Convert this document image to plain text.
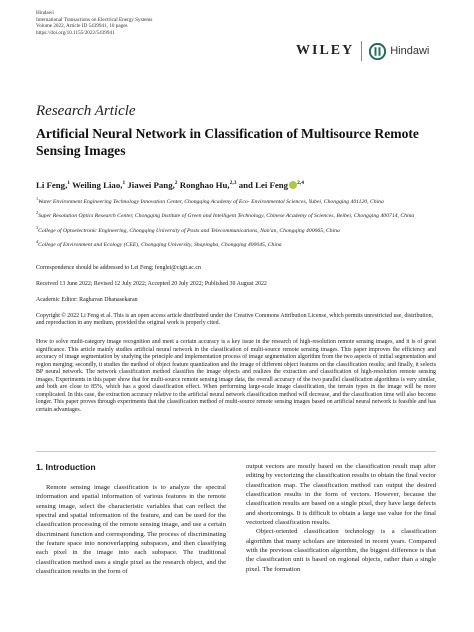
Hindawi
International Transactions on Electrical Energy Systems
Volume 2022, Article ID 5439941, 10 pages
https://doi.org/10.1155/2022/5439941
WILEY	Hindawi
Research Article
Artificial Neural Network in Classification of Multisource Remote Sensing Images
Li Feng,$^1$ Weiling Liao,$^1$ Jiawei Pang,$^2$ Ronghao Hu,$^{2,3}$ and Lei Feng $^{2,4}$
$^1$Water Environment Engineering Technology Innovation Center, Chongqing Academy of Eco- Environmental Sciences, Yubei, Chongqing 401120, China
$^2$Super Resolution Optics Research Center, Chongqing Institute of Green and Intelligent Technology, Chinese Academy of Sciences, Beibei, Chongqing 400714, China
$^3$College of Optoelectronic Engineering, Chongqing University of Posts and Telecommunications, Nan'an, Chongqing 400065, China
$^4$College of Environment and Ecology (CEE), Chongqing University, Shapingba, Chongqing 400045, China
Correspondence should be addressed to Lei Feng; fenglei@cigit.ac.cn
Received 13 June 2022; Revised 12 July 2022; Accepted 20 July 2022; Published 30 August 2022
Academic Editor: Raghavan Dhanasekaran
Copyright © 2022 Li Feng et al. This is an open access article distributed under the Creative Commons Attribution License, which permits unrestricted use, distribution, and reproduction in any medium, provided the original work is properly cited.
How to solve multi-category image recognition and meet a certain accuracy is a key issue in the research of high-resolution remote sensing images, and it is of great significance. This article mainly studies artificial neural network in the classification of multi-source remote sensing images. This paper improves the efficiency and accuracy of image segmentation by studying the principle and implementation process of image segmentation algorithm from the two aspects of initial segmentation and region merging; secondly, it studies the method of object feature quantization and the image of different object features on the classification results; and finally, it selects BP neural network. The network classification method classifies the image objects and realizes the extraction and classification of high-resolution remote sensing images. Experiments in this paper show that for multi-source remote sensing image data, the overall accuracy of the two parallel classification algorithms is very similar, and both are close to 85%, which has a good classification effect. When performing large-scale image classification, the terrain types in the image will be more complicated. In this case, the extraction accuracy relative to the artificial neural network classification method will decrease, and the classification time will also become longer. This paper proves through experiments that the classification method of multi-source remote sensing images based on artificial neural network is feasible and has certain advantages.
1. Introduction

Remote sensing image classification is to analyze the spectral information and spatial information of various features in the remote sensing image, select the characteristic variables that can reflect the spectral and spatial information of the feature, and can be used for the classification processing of the remote sensing image, and use a certain discriminant function and corresponding. The process of discriminating the feature space into nonoverlapping subspaces, and then classifying each pixel in the image into each subspace. The traditional classification method uses a single pixel as the research object, and the classification results in the form of

output vectors are mostly based on the classification result map after editing by vectorizing the classification results to obtain the final vector classification map. The classification method can output the desired classification results in the form of vectors. However, because the classification results are based on a single pixel, they have large defects and shortcomings. It is difficult to obtain a large use value for the final vectorized classification results.

Object-oriented classification technology is a classification algorithm that many scholars are interested in recent years. Compared with the previous classification algorithm, the biggest difference is that the classification unit is based on regional objects, rather than a single pixel. The formation
